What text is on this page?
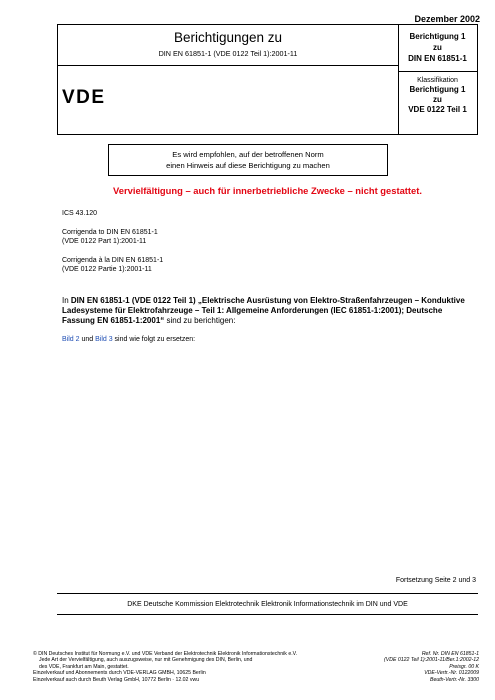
Dezember 2002
Berichtigungen zu
DIN EN 61851-1 (VDE 0122 Teil 1):2001-11
Berichtigung 1
zu
DIN EN 61851-1
Klassifikation
Berichtigung 1
zu
VDE 0122 Teil 1
VDE
Es wird empfohlen, auf der betroffenen Norm
einen Hinweis auf diese Berichtigung zu machen
Vervielfältigung – auch für innerbetriebliche Zwecke – nicht gestattet.
ICS 43.120
Corrigenda to DIN EN 61851-1
(VDE 0122 Part 1):2001-11
Corrigenda à la DIN EN 61851-1
(VDE 0122 Partie 1):2001-11
In DIN EN 61851-1 (VDE 0122 Teil 1) „Elektrische Ausrüstung von Elektro-Straßenfahrzeugen – Konduktive Ladesysteme für Elektrofahrzeuge – Teil 1: Allgemeine Anforderungen (IEC 61851-1:2001); Deutsche Fassung EN 61851-1:2001“ sind zu berichtigen:
Bild 2 und Bild 3 sind wie folgt zu ersetzen:
Fortsetzung Seite 2 und 3
DKE Deutsche Kommission Elektrotechnik Elektronik Informationstechnik im DIN und VDE
© DIN Deutsches Institut für Normung e.V. und VDE Verband der Elektrotechnik Elektronik Informationstechnik e.V.
Jede Art der Vervielfältigung, auch auszugsweise, nur mit Genehmigung des DIN, Berlin, und
des VDE, Frankfurt am Main, gestattet.
Einzelverkauf und Abonnements durch VDE-VERLAG GMBH, 10625 Berlin
Einzelverkauf auch durch Beuth Verlag GmbH, 10772 Berlin · 12.02 vwu
Ref. Nr. DIN EN 61851-1
(VDE 0122 Teil 1):2001-11/Ber.1:2002-12
Preisgr. 00 K
VDE-Vertr.-Nr. 0122009
Beuth-Vertr.-Nr. 3300
